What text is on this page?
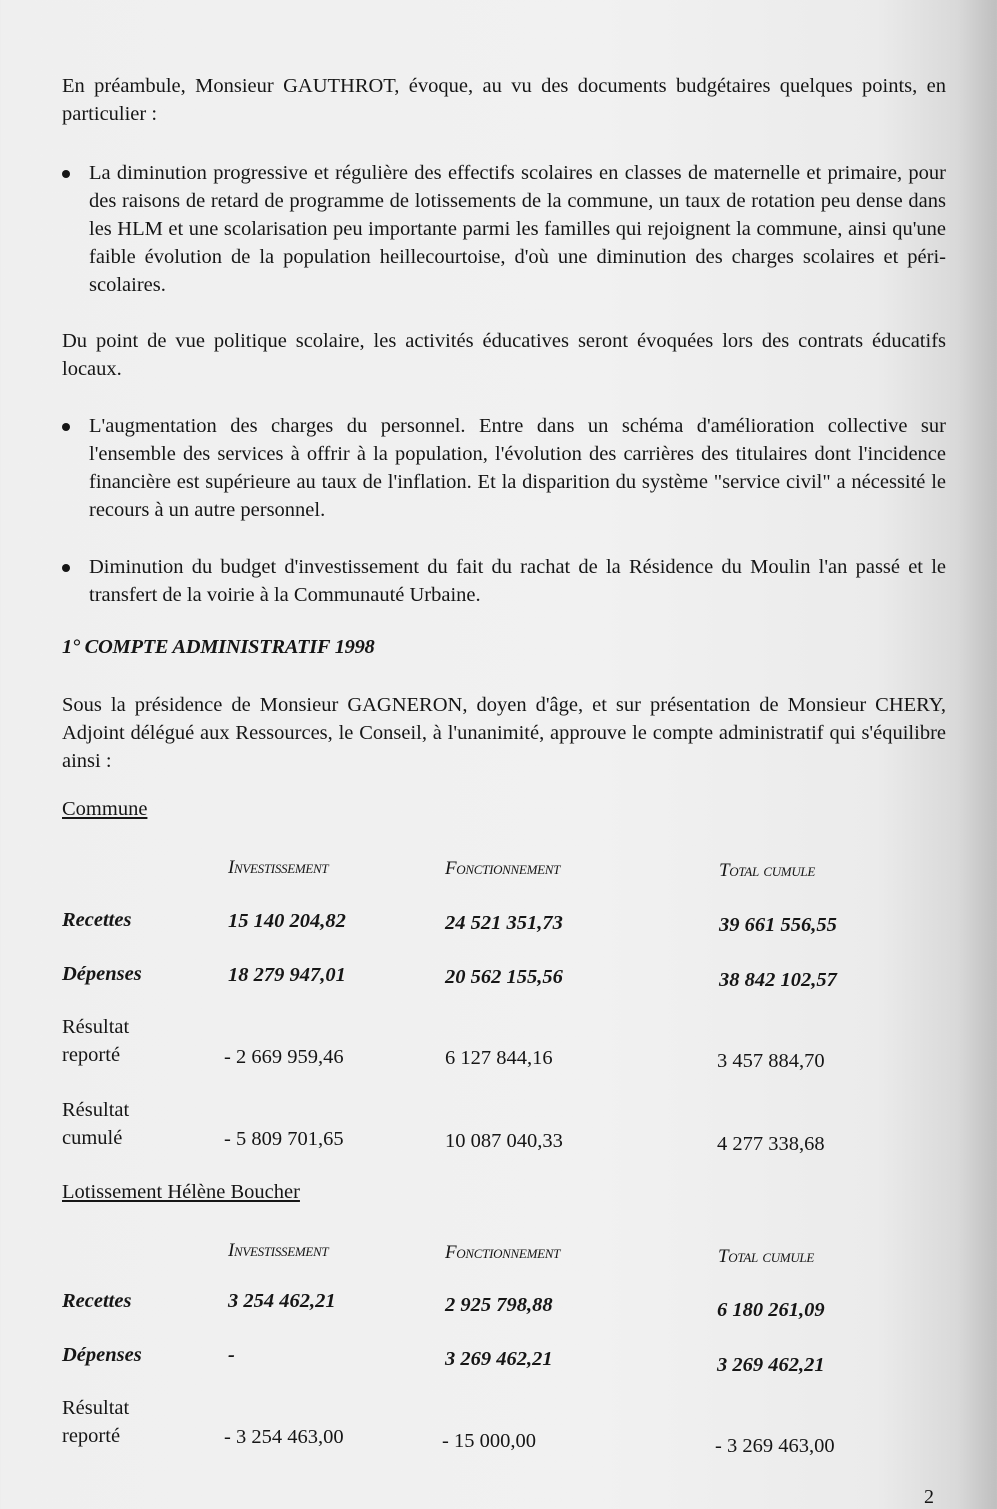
En préambule, Monsieur GAUTHROT, évoque, au vu des documents budgétaires quelques points, en particulier :
La diminution progressive et régulière des effectifs scolaires en classes de maternelle et primaire, pour des raisons de retard de programme de lotissements de la commune, un taux de rotation peu dense dans les HLM et une scolarisation peu importante parmi les familles qui rejoignent la commune, ainsi qu'une faible évolution de la population heillecourtoise, d'où une diminution des charges scolaires et péri-scolaires.
Du point de vue politique scolaire, les activités éducatives seront évoquées lors des contrats éducatifs locaux.
L'augmentation des charges du personnel. Entre dans un schéma d'amélioration collective sur l'ensemble des services à offrir à la population, l'évolution des carrières des titulaires dont l'incidence financière est supérieure au taux de l'inflation. Et la disparition du système "service civil" a nécessité le recours à un autre personnel.
Diminution du budget d'investissement du fait du rachat de la Résidence du Moulin l'an passé et le transfert de la voirie à la Communauté Urbaine.
1° COMPTE ADMINISTRATIF 1998
Sous la présidence de Monsieur GAGNERON, doyen d'âge, et sur présentation de Monsieur CHERY, Adjoint délégué aux Ressources, le Conseil, à l'unanimité, approuve le compte administratif qui s'équilibre ainsi :
Commune
Investissement	Fonctionnement	Total cumule
Recettes	15 140 204,82	24 521 351,73	39 661 556,55
Dépenses	18 279 947,01	20 562 155,56	38 842 102,57
Résultat
reporté	- 2 669 959,46	6 127 844,16	3 457 884,70
Résultat
cumulé	- 5 809 701,65	10 087 040,33	4 277 338,68
Lotissement Hélène Boucher
Investissement	Fonctionnement	Total cumule
Recettes	3 254 462,21	2 925 798,88	6 180 261,09
Dépenses	-	3 269 462,21	3 269 462,21
Résultat
reporté	- 3 254 463,00	- 15 000,00	- 3 269 463,00
2
